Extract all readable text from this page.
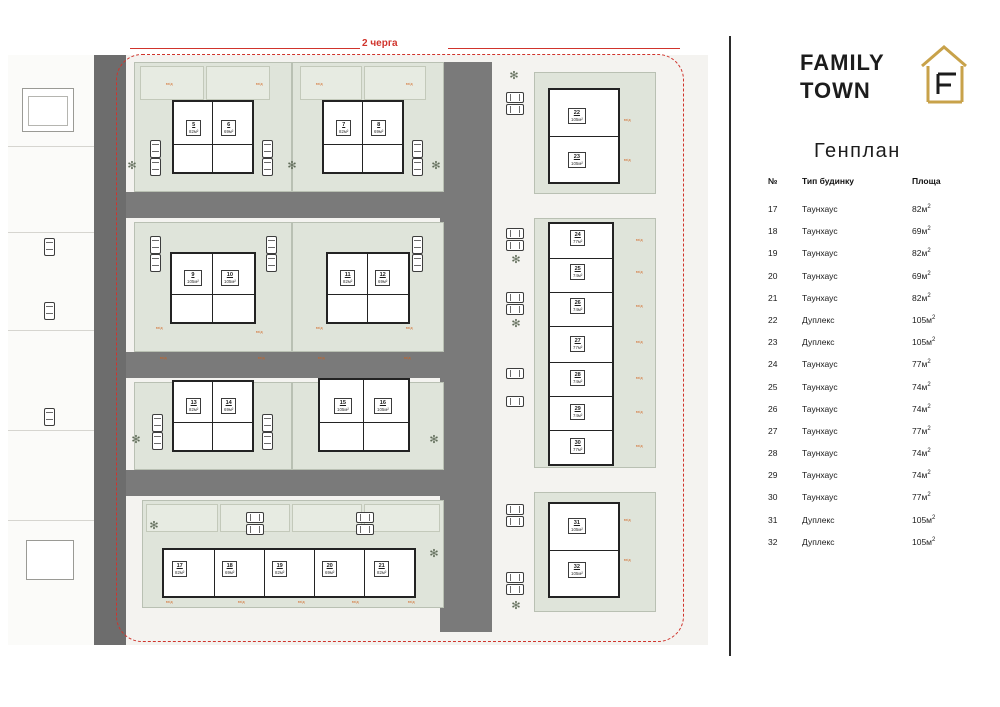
5
82м²
6
69м²
7
82м²
8
69м²
✻	✻	✻
вхід	вхід	вхід	вхід
9
105м²
10
105м²
11
82м²
12
69м²
вхід
вхід
вхід	вхід
13
82м²
14
69м²
15
105м²
16
105м²
✻	✻
вхід	вхід	вхід	вхід
17
82м²
18
69м²
19
82м²
20
69м²
21
82м²
✻
✻
вхід	вхід	вхід	вхід	вхід
22
105м²
23
105м²
✻
вхід
вхід
24
77м²
25
74м²
26
74м²
27
77м²
28
74м²
29
74м²
30
77м²
✻
✻
вхід
вхід
вхід
вхід
вхід
вхід
вхід
31
105м²
32
105м²
✻
вхід
вхід
2 черга
FAMILY
TOWN
Генплан
№	Тип будинку	Площа
17	Таунхаус	$82м^2$
18	Таунхаус	$69м^2$
19	Таунхаус	$82м^2$
20	Таунхаус	$69м^2$
21	Таунхаус	$82м^2$
22	Дуплекс	$105м^2$
23	Дуплекс	$105м^2$
24	Таунхаус	$77м^2$
25	Таунхаус	$74м^2$
26	Таунхаус	$74м^2$
27	Таунхаус	$77м^2$
28	Таунхаус	$74м^2$
29	Таунхаус	$74м^2$
30	Таунхаус	$77м^2$
31	Дуплекс	$105м^2$
32	Дуплекс	$105м^2$
